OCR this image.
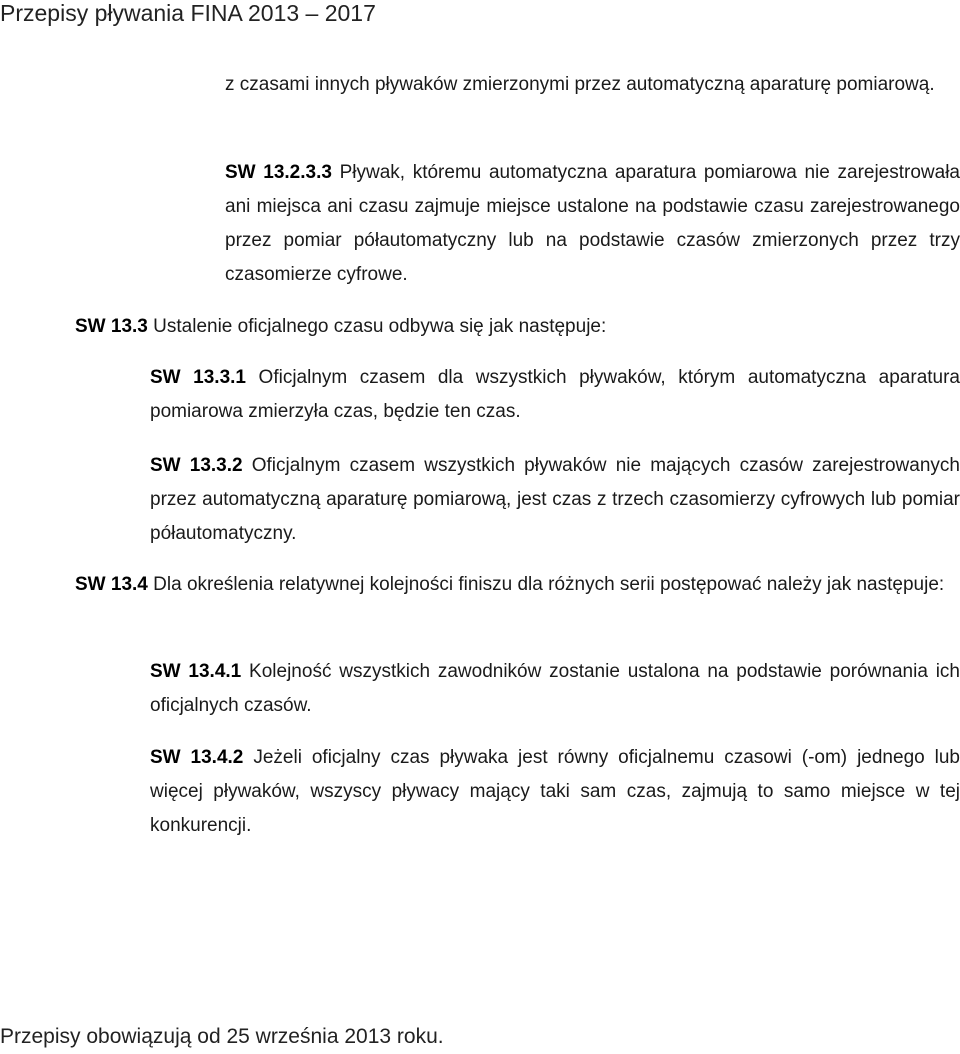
Przepisy pływania FINA 2013 – 2017

z czasami innych pływaków zmierzonymi przez automatyczną aparaturę pomiarową.

SW 13.2.3.3 Pływak, któremu automatyczna aparatura pomiarowa nie zarejestrowała ani miejsca ani czasu zajmuje miejsce ustalone na podstawie czasu zarejestrowanego przez pomiar półautomatyczny lub na podstawie czasów zmierzonych przez trzy czasomierze cyfrowe.

SW 13.3 Ustalenie oficjalnego czasu odbywa się jak następuje:

SW 13.3.1 Oficjalnym czasem dla wszystkich pływaków, którym automatyczna aparatura pomiarowa zmierzyła czas, będzie ten czas.

SW 13.3.2 Oficjalnym czasem wszystkich pływaków nie mających czasów zarejestrowanych przez automatyczną aparaturę pomiarową, jest czas z trzech czasomierzy cyfrowych lub pomiar półautomatyczny.

SW 13.4 Dla określenia relatywnej kolejności finiszu dla różnych serii postępować należy jak następuje:

SW 13.4.1 Kolejność wszystkich zawodników zostanie ustalona na podstawie porównania ich oficjalnych czasów.

SW 13.4.2 Jeżeli oficjalny czas pływaka jest równy oficjalnemu czasowi (-om) jednego lub więcej pływaków, wszyscy pływacy mający taki sam czas, zajmują to samo miejsce w tej konkurencji.

Przepisy obowiązują od 25 września 2013 roku.
